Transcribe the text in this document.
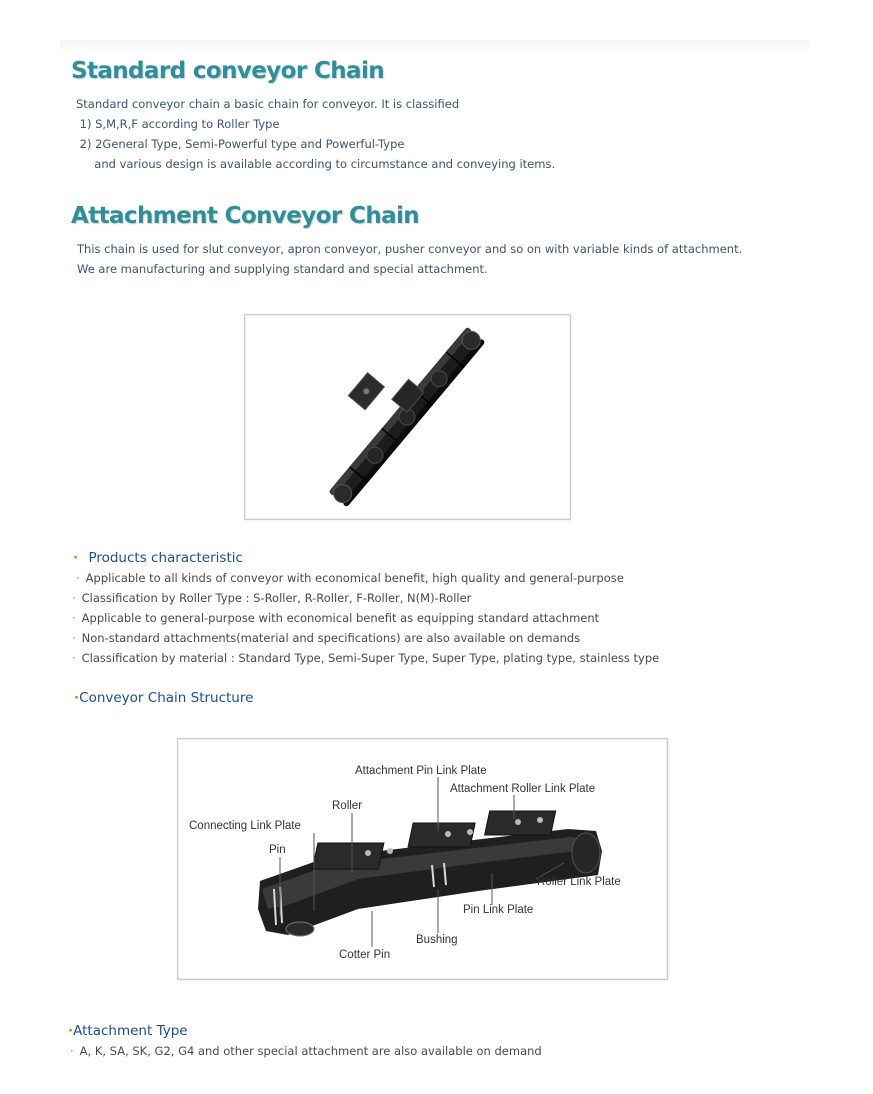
Standard conveyor Chain
Standard conveyor chain a basic chain for conveyor. It is classified
1) S,M,R,F according to Roller Type
2) 2General Type, Semi-Powerful type and Powerful-Type
and various design is available according to circumstance and conveying items.
Attachment Conveyor Chain
This chain is used for slut conveyor, apron conveyor, pusher conveyor and so on with variable kinds of attachment.
We are manufacturing and supplying standard and special attachment.
· Products characteristic
· Applicable to all kinds of conveyor with economical benefit, high quality and general-purpose
· Classification by Roller Type : S-Roller, R-Roller, F-Roller, N(M)-Roller
· Applicable to general-purpose with economical benefit as equipping standard attachment
· Non-standard attachments(material and specifications) are also available on demands
· Classification by material : Standard Type, Semi-Super Type, Super Type, plating type, stainless type
·Conveyor Chain Structure
Attachment Pin Link Plate
Attachment Roller Link Plate
Roller
Connecting Link Plate
Pin
Roller Link Plate
Pin Link Plate
Bushing
Cotter Pin
·Attachment Type
· A, K, SA, SK, G2, G4 and other special attachment are also available on demand
